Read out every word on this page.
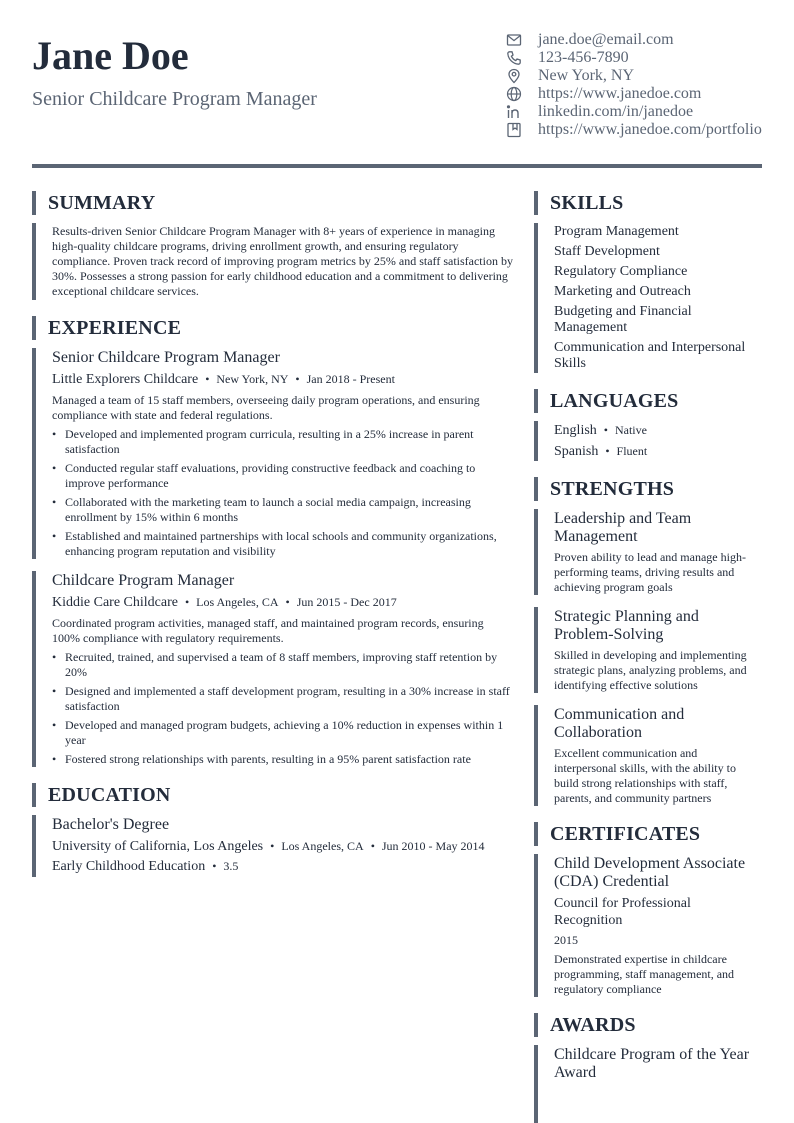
Jane Doe
Senior Childcare Program Manager
jane.doe@email.com
123-456-7890
New York, NY
https://www.janedoe.com
linkedin.com/in/janedoe
https://www.janedoe.com/portfolio
SUMMARY
Results-driven Senior Childcare Program Manager with 8+ years of experience in managing high-quality childcare programs, driving enrollment growth, and ensuring regulatory compliance. Proven track record of improving program metrics by 25% and staff satisfaction by 30%. Possesses a strong passion for early childhood education and a commitment to delivering exceptional childcare services.
EXPERIENCE
Senior Childcare Program Manager
Little Explorers Childcare • New York, NY • Jan 2018 - Present
Managed a team of 15 staff members, overseeing daily program operations, and ensuring compliance with state and federal regulations.
• Developed and implemented program curricula, resulting in a 25% increase in parent satisfaction
• Conducted regular staff evaluations, providing constructive feedback and coaching to improve performance
• Collaborated with the marketing team to launch a social media campaign, increasing enrollment by 15% within 6 months
• Established and maintained partnerships with local schools and community organizations, enhancing program reputation and visibility
Childcare Program Manager
Kiddie Care Childcare • Los Angeles, CA • Jun 2015 - Dec 2017
Coordinated program activities, managed staff, and maintained program records, ensuring 100% compliance with regulatory requirements.
• Recruited, trained, and supervised a team of 8 staff members, improving staff retention by 20%
• Designed and implemented a staff development program, resulting in a 30% increase in staff satisfaction
• Developed and managed program budgets, achieving a 10% reduction in expenses within 1 year
• Fostered strong relationships with parents, resulting in a 95% parent satisfaction rate
EDUCATION
Bachelor's Degree
University of California, Los Angeles • Los Angeles, CA • Jun 2010 - May 2014
Early Childhood Education • 3.5
SKILLS
Program Management
Staff Development
Regulatory Compliance
Marketing and Outreach
Budgeting and Financial Management
Communication and Interpersonal Skills
LANGUAGES
English • Native
Spanish • Fluent
STRENGTHS
Leadership and Team Management
Proven ability to lead and manage high-performing teams, driving results and achieving program goals
Strategic Planning and Problem-Solving
Skilled in developing and implementing strategic plans, analyzing problems, and identifying effective solutions
Communication and Collaboration
Excellent communication and interpersonal skills, with the ability to build strong relationships with staff, parents, and community partners
CERTIFICATES
Child Development Associate (CDA) Credential
Council for Professional Recognition
2015
Demonstrated expertise in childcare programming, staff management, and regulatory compliance
AWARDS
Childcare Program of the Year Award
